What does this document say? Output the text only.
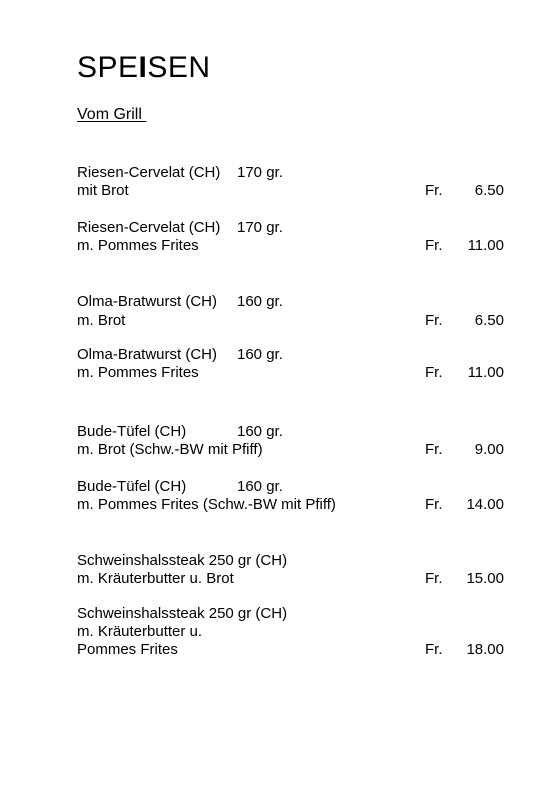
SPEISEN
Vom Grill
Riesen-Cervelat (CH) 170 gr.
mit Brot	Fr. 6.50
Riesen-Cervelat (CH) 170 gr.
m. Pommes Frites	Fr. 11.00
Olma-Bratwurst (CH) 160 gr.
m. Brot	Fr. 6.50
Olma-Bratwurst (CH) 160 gr.
m. Pommes Frites	Fr. 11.00
Bude-Tüfel (CH)	160 gr.
m. Brot (Schw.-BW mit Pfiff)	Fr. 9.00
Bude-Tüfel (CH)	160 gr.
m. Pommes Frites (Schw.-BW mit Pfiff)	Fr. 14.00
Schweinshalssteak 250 gr (CH)
m. Kräuterbutter u. Brot	Fr. 15.00
Schweinshalssteak 250 gr (CH)
m. Kräuterbutter u.
Pommes Frites	Fr. 18.00
